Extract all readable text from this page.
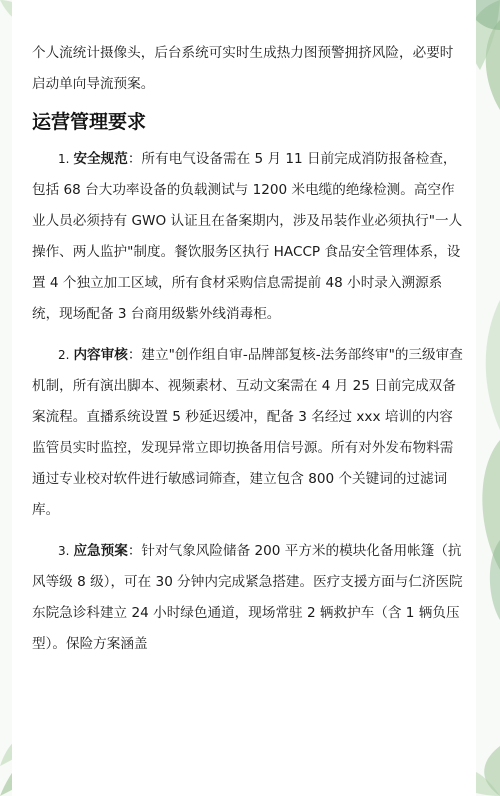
个人流统计摄像头，后台系统可实时生成热力图预警拥挤风险，必要时启动单向导流预案。

运营管理要求

1. 安全规范：所有电气设备需在 5 月 11 日前完成消防报备检查，包括 68 台大功率设备的负载测试与 1200 米电缆的绝缘检测。高空作业人员必须持有 GWO 认证且在备案期内，涉及吊装作业必须执行"一人操作、两人监护"制度。餐饮服务区执行 HACCP 食品安全管理体系，设置 4 个独立加工区域，所有食材采购信息需提前 48 小时录入溯源系统，现场配备 3 台商用级紫外线消毒柜。

2. 内容审核：建立"创作组自审-品牌部复核-法务部终审"的三级审查机制，所有演出脚本、视频素材、互动文案需在 4 月 25 日前完成双备案流程。直播系统设置 5 秒延迟缓冲，配备 3 名经过 xxx 培训的内容监管员实时监控，发现异常立即切换备用信号源。所有对外发布物料需通过专业校对软件进行敏感词筛查，建立包含 800 个关键词的过滤词库。

3. 应急预案：针对气象风险储备 200 平方米的模块化备用帐篷（抗风等级 8 级），可在 30 分钟内完成紧急搭建。医疗支援方面与仁济医院东院急诊科建立 24 小时绿色通道，现场常驻 2 辆救护车（含 1 辆负压型）。保险方案涵盖
